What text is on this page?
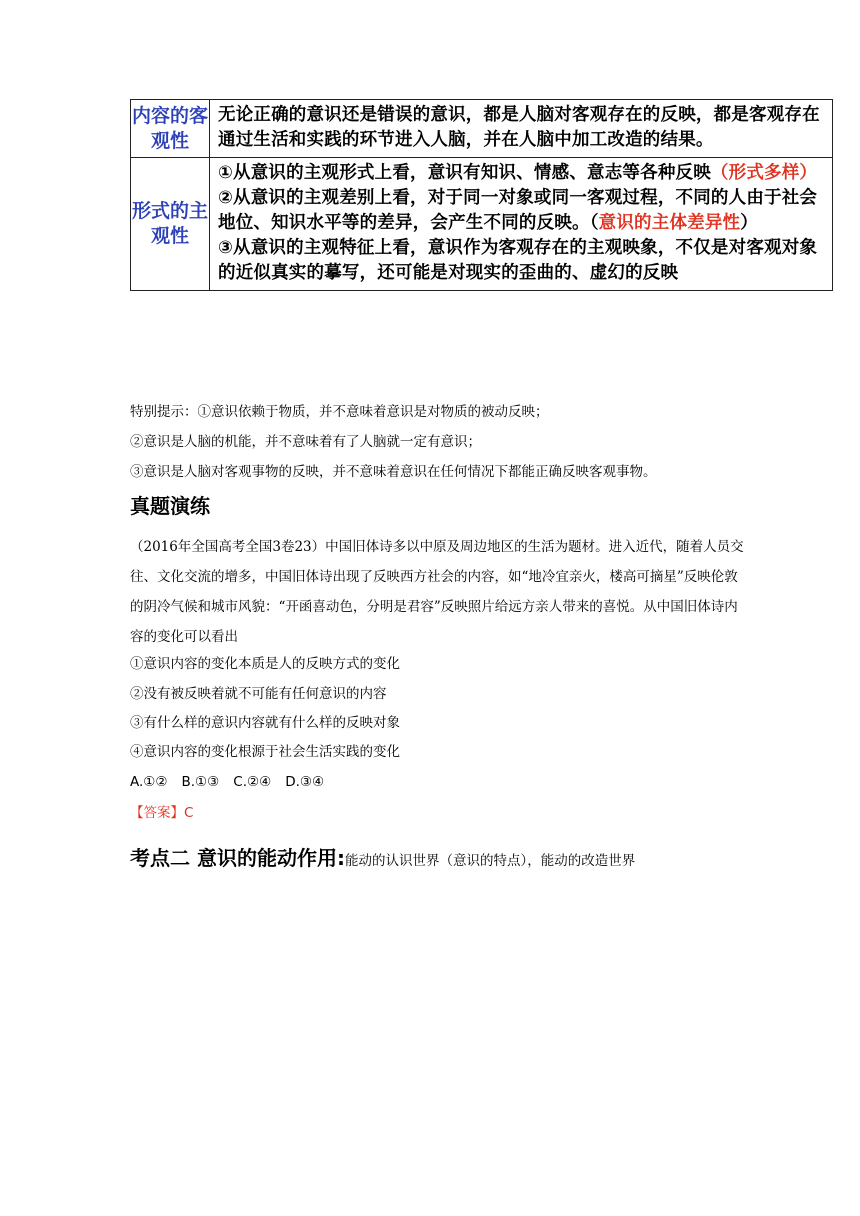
内容的客观性	无论正确的意识还是错误的意识，都是人脑对客观存在的反映，都是客观存在通过生活和实践的环节进入人脑，并在人脑中加工改造的结果。
形式的主观性	①从意识的主观形式上看，意识有知识、情感、意志等各种反映（形式多样）
②从意识的主观差别上看，对于同一对象或同一客观过程，不同的人由于社会地位、知识水平等的差异，会产生不同的反映。（意识的主体差异性）
③从意识的主观特征上看，意识作为客观存在的主观映象，不仅是对客观对象的近似真实的摹写，还可能是对现实的歪曲的、虚幻的反映
特别提示：①意识依赖于物质，并不意味着意识是对物质的被动反映；
②意识是人脑的机能，并不意味着有了人脑就一定有意识；
③意识是人脑对客观事物的反映，并不意味着意识在任何情况下都能正确反映客观事物。
真题演练
（2016年全国高考全国3卷23）中国旧体诗多以中原及周边地区的生活为题材。进入近代，随着人员交往、文化交流的增多，中国旧体诗出现了反映西方社会的内容，如“地冷宜亲火，楼高可摘星”反映伦敦的阴冷气候和城市风貌：“开函喜动色，分明是君容”反映照片给远方亲人带来的喜悦。从中国旧体诗内容的变化可以看出
①意识内容的变化本质是人的反映方式的变化
②没有被反映着就不可能有任何意识的内容
③有什么样的意识内容就有什么样的反映对象
④意识内容的变化根源于社会生活实践的变化
A.①② B.①③ C.②④ D.③④
【答案】C
考点二 意识的能动作用:能动的认识世界（意识的特点），能动的改造世界
